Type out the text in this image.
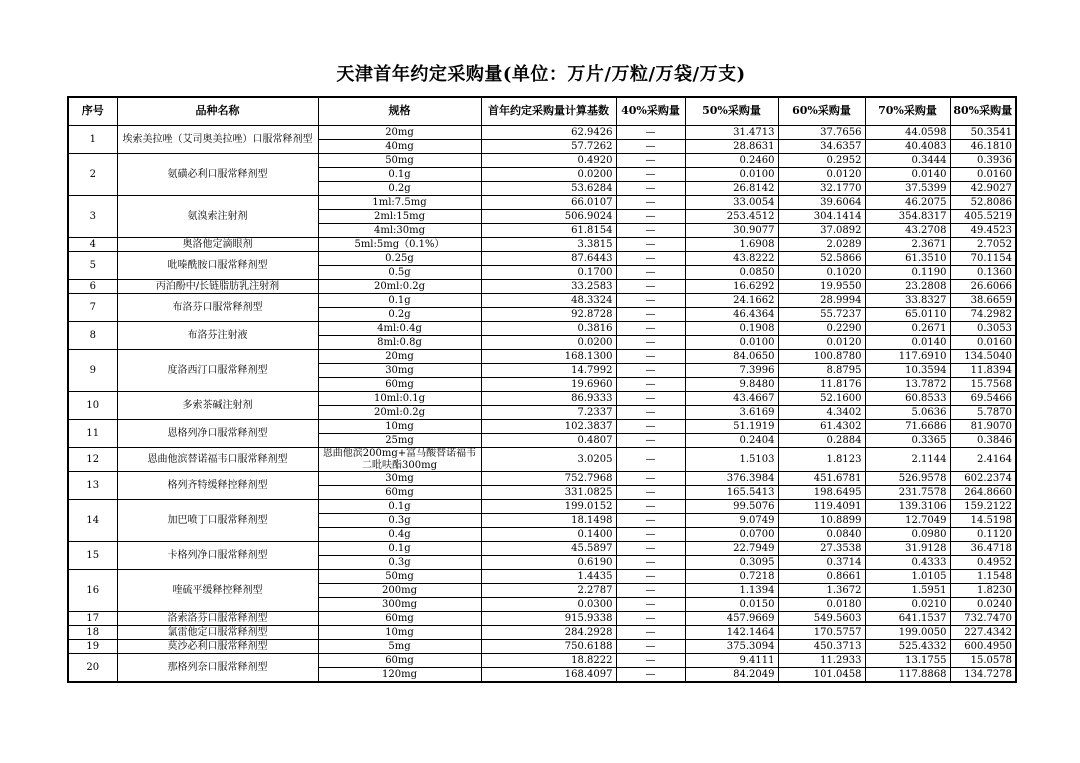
天津首年约定采购量(单位：万片/万粒/万袋/万支)
序号	品种名称	规格	首年约定采购量计算基数	40%采购量	50%采购量	60%采购量	70%采购量	80%采购量
1	埃索美拉唑（艾司奥美拉唑）口服常释剂型	20mg	62.9426	—	31.4713	37.7656	44.0598	50.3541
		40mg	57.7262	—	28.8631	34.6357	40.4083	46.1810
2	氨磺必利口服常释剂型	50mg	0.4920	—	0.2460	0.2952	0.3444	0.3936
		0.1g	0.0200	—	0.0100	0.0120	0.0140	0.0160
		0.2g	53.6284	—	26.8142	32.1770	37.5399	42.9027
3	氨溴索注射剂	1ml:7.5mg	66.0107	—	33.0054	39.6064	46.2075	52.8086
		2ml:15mg	506.9024	—	253.4512	304.1414	354.8317	405.5219
		4ml:30mg	61.8154	—	30.9077	37.0892	43.2708	49.4523
4	奥洛他定滴眼剂	5ml:5mg（0.1%）	3.3815	—	1.6908	2.0289	2.3671	2.7052
5	吡嗪酰胺口服常释剂型	0.25g	87.6443	—	43.8222	52.5866	61.3510	70.1154
		0.5g	0.1700	—	0.0850	0.1020	0.1190	0.1360
6	丙泊酚中/长链脂肪乳注射剂	20ml:0.2g	33.2583	—	16.6292	19.9550	23.2808	26.6066
7	布洛芬口服常释剂型	0.1g	48.3324	—	24.1662	28.9994	33.8327	38.6659
		0.2g	92.8728	—	46.4364	55.7237	65.0110	74.2982
8	布洛芬注射液	4ml:0.4g	0.3816	—	0.1908	0.2290	0.2671	0.3053
		8ml:0.8g	0.0200	—	0.0100	0.0120	0.0140	0.0160
9	度洛西汀口服常释剂型	20mg	168.1300	—	84.0650	100.8780	117.6910	134.5040
		30mg	14.7992	—	7.3996	8.8795	10.3594	11.8394
		60mg	19.6960	—	9.8480	11.8176	13.7872	15.7568
10	多索茶碱注射剂	10ml:0.1g	86.9333	—	43.4667	52.1600	60.8533	69.5466
		20ml:0.2g	7.2337	—	3.6169	4.3402	5.0636	5.7870
11	恩格列净口服常释剂型	10mg	102.3837	—	51.1919	61.4302	71.6686	81.9070
		25mg	0.4807	—	0.2404	0.2884	0.3365	0.3846
12	恩曲他滨替诺福韦口服常释剂型	恩曲他滨200mg+富马酸替诺福韦二吡呋酯300mg	3.0205	—	1.5103	1.8123	2.1144	2.4164
13	格列齐特缓释控释剂型	30mg	752.7968	—	376.3984	451.6781	526.9578	602.2374
		60mg	331.0825	—	165.5413	198.6495	231.7578	264.8660
14	加巴喷丁口服常释剂型	0.1g	199.0152	—	99.5076	119.4091	139.3106	159.2122
		0.3g	18.1498	—	9.0749	10.8899	12.7049	14.5198
		0.4g	0.1400	—	0.0700	0.0840	0.0980	0.1120
15	卡格列净口服常释剂型	0.1g	45.5897	—	22.7949	27.3538	31.9128	36.4718
		0.3g	0.6190	—	0.3095	0.3714	0.4333	0.4952
16	喹硫平缓释控释剂型	50mg	1.4435	—	0.7218	0.8661	1.0105	1.1548
		200mg	2.2787	—	1.1394	1.3672	1.5951	1.8230
		300mg	0.0300	—	0.0150	0.0180	0.0210	0.0240
17	洛索洛芬口服常释剂型	60mg	915.9338	—	457.9669	549.5603	641.1537	732.7470
18	氯雷他定口服常释剂型	10mg	284.2928	—	142.1464	170.5757	199.0050	227.4342
19	莫沙必利口服常释剂型	5mg	750.6188	—	375.3094	450.3713	525.4332	600.4950
20	那格列奈口服常释剂型	60mg	18.8222	—	9.4111	11.2933	13.1755	15.0578
		120mg	168.4097	—	84.2049	101.0458	117.8868	134.7278
